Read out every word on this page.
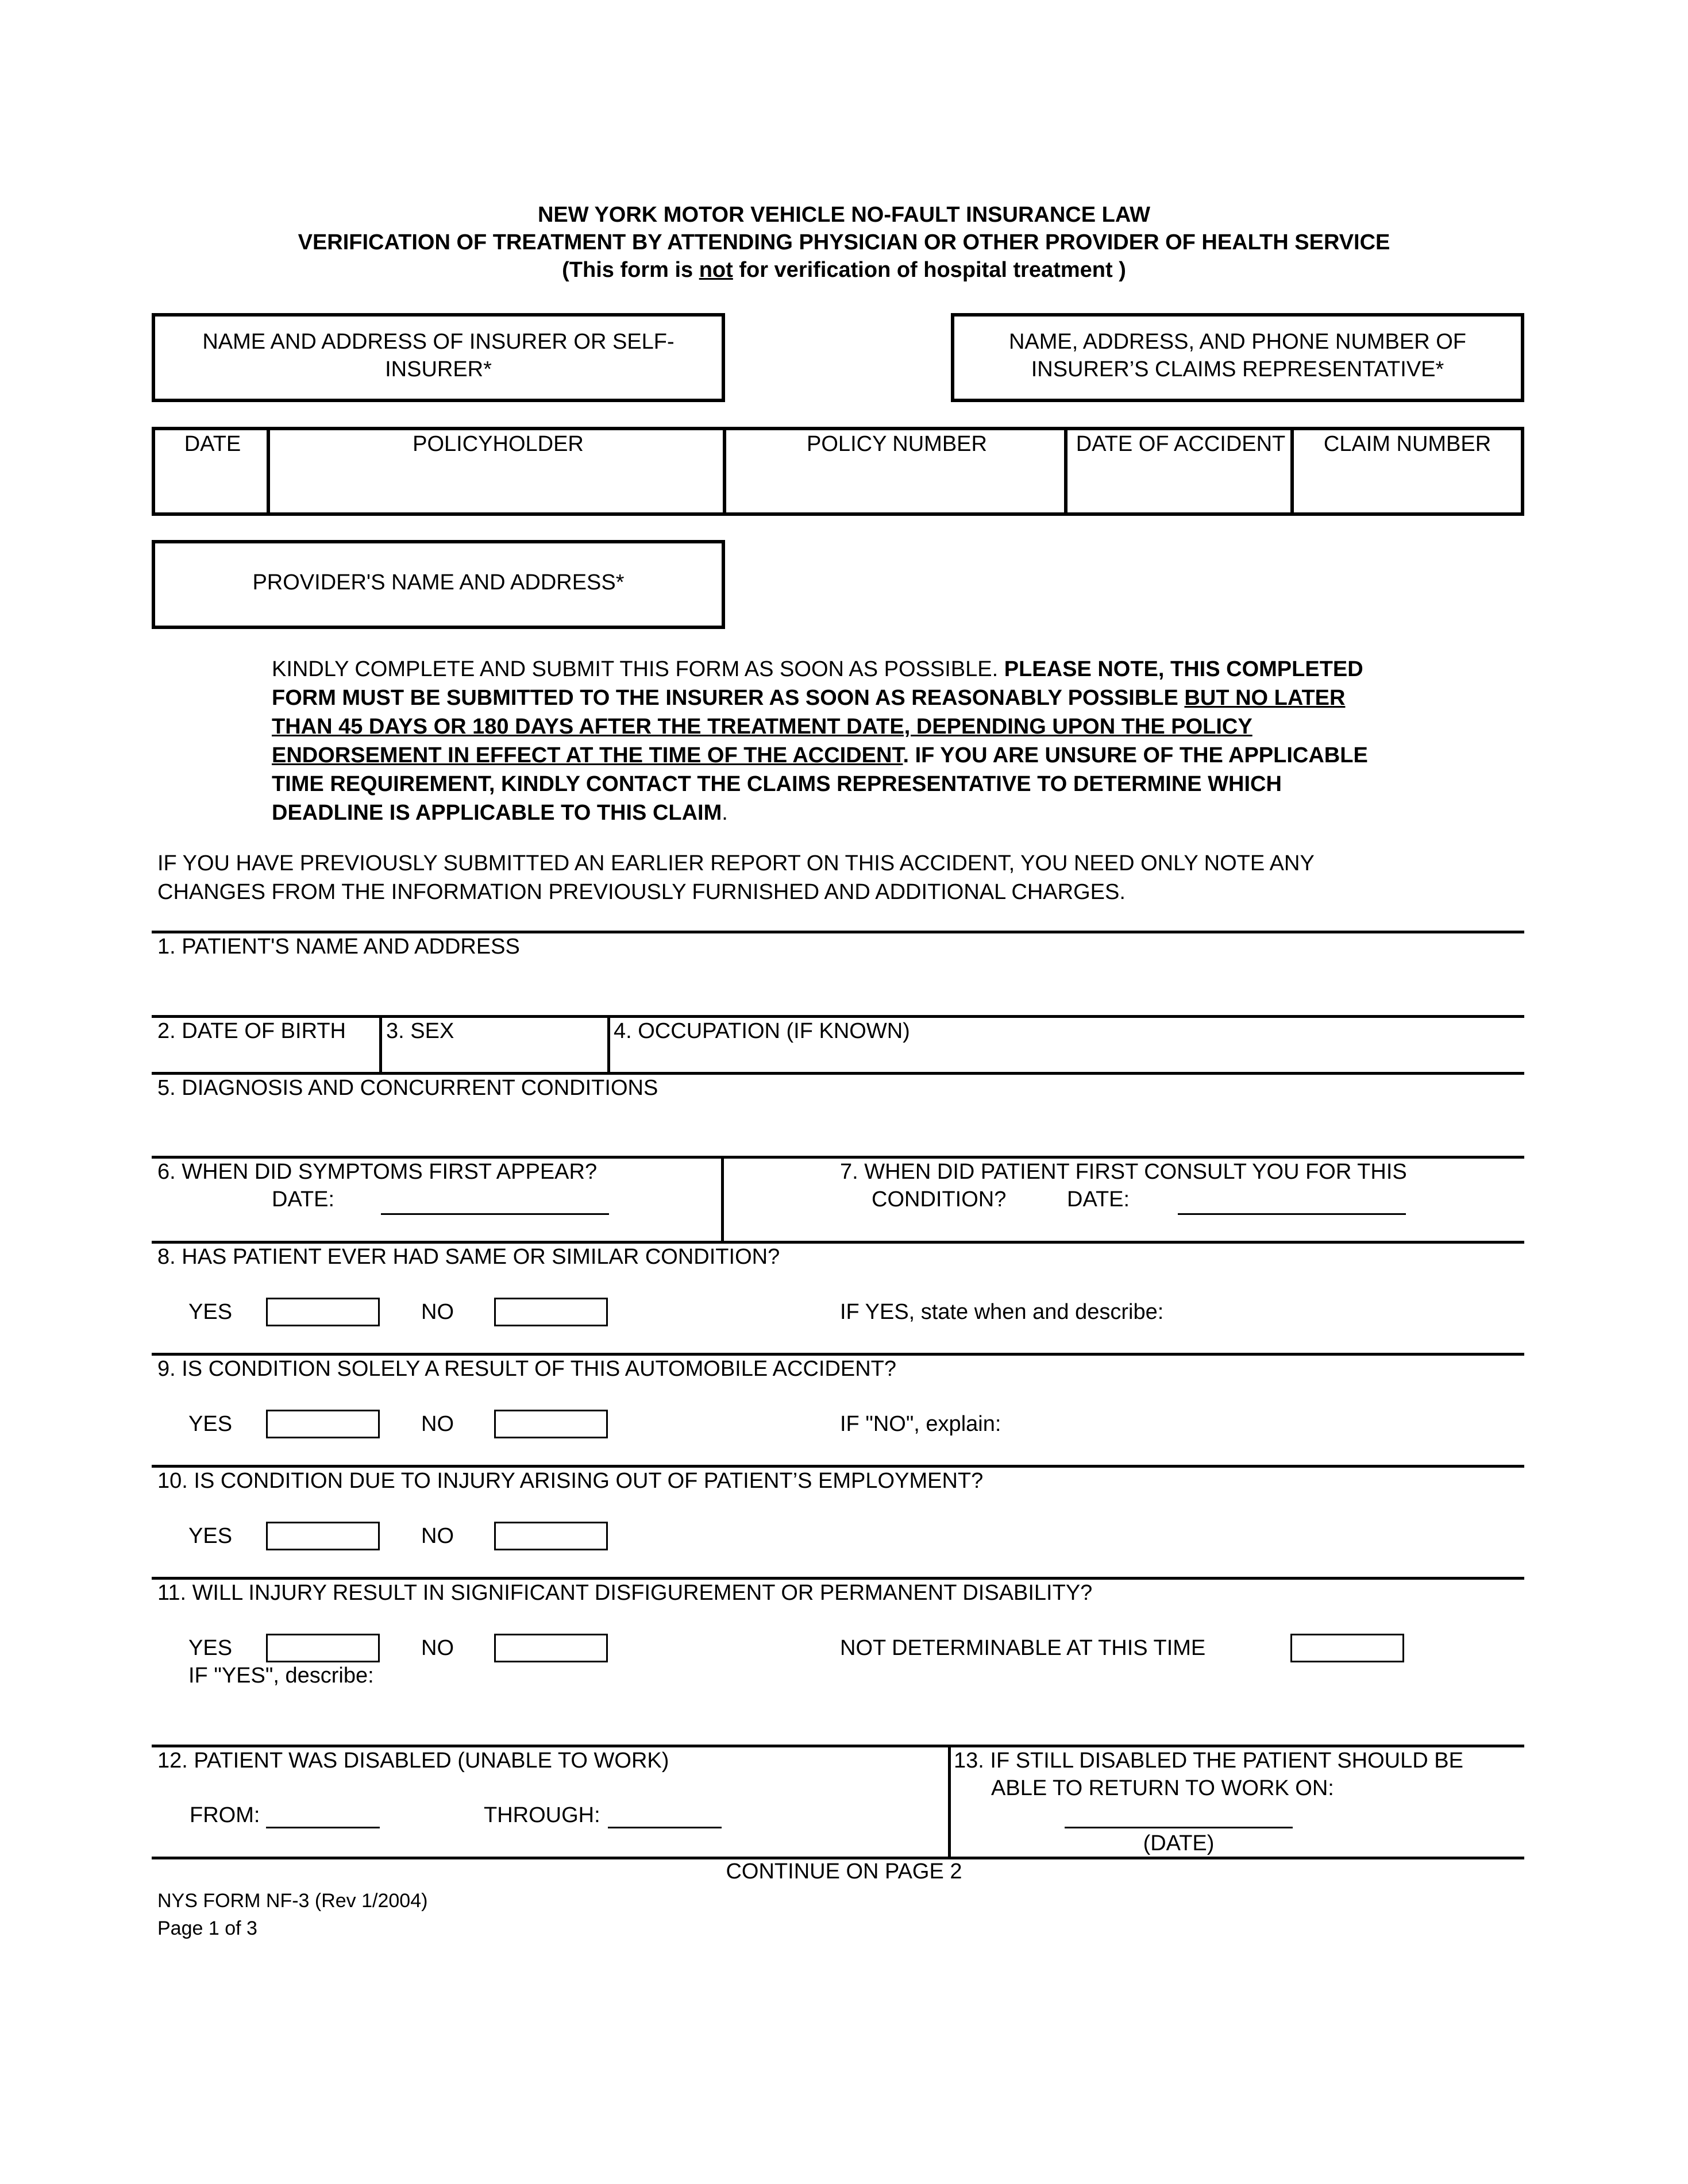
NEW YORK MOTOR VEHICLE NO-FAULT INSURANCE LAW
VERIFICATION OF TREATMENT BY ATTENDING PHYSICIAN OR OTHER PROVIDER OF HEALTH SERVICE
(This form is not for verification of hospital treatment )
NAME AND ADDRESS OF INSURER OR SELF-
INSURER*
NAME, ADDRESS, AND PHONE NUMBER OF
INSURER’S CLAIMS REPRESENTATIVE*
DATE	POLICYHOLDER	POLICY NUMBER	DATE OF ACCIDENT	CLAIM NUMBER
PROVIDER'S NAME AND ADDRESS*
KINDLY COMPLETE AND SUBMIT THIS FORM AS SOON AS POSSIBLE. PLEASE NOTE, THIS COMPLETED
FORM MUST BE SUBMITTED TO THE INSURER AS SOON AS REASONABLY POSSIBLE BUT NO LATER
THAN 45 DAYS OR 180 DAYS AFTER THE TREATMENT DATE, DEPENDING UPON THE POLICY
ENDORSEMENT IN EFFECT AT THE TIME OF THE ACCIDENT. IF YOU ARE UNSURE OF THE APPLICABLE
TIME REQUIREMENT, KINDLY CONTACT THE CLAIMS REPRESENTATIVE TO DETERMINE WHICH
DEADLINE IS APPLICABLE TO THIS CLAIM.
IF YOU HAVE PREVIOUSLY SUBMITTED AN EARLIER REPORT ON THIS ACCIDENT, YOU NEED ONLY NOTE ANY
CHANGES FROM THE INFORMATION PREVIOUSLY FURNISHED AND ADDITIONAL CHARGES.
1. PATIENT'S NAME AND ADDRESS
2. DATE OF BIRTH 3. SEX	4. OCCUPATION (IF KNOWN)
5. DIAGNOSIS AND CONCURRENT CONDITIONS
6. WHEN DID SYMPTOMS FIRST APPEAR?
DATE:
7. WHEN DID PATIENT FIRST CONSULT YOU FOR THIS
CONDITION?	DATE:
8. HAS PATIENT EVER HAD SAME OR SIMILAR CONDITION?
YES	NO	IF YES, state when and describe:
9. IS CONDITION SOLELY A RESULT OF THIS AUTOMOBILE ACCIDENT?
YES	NO	IF "NO", explain:
10. IS CONDITION DUE TO INJURY ARISING OUT OF PATIENT’S EMPLOYMENT?
YES	NO
11. WILL INJURY RESULT IN SIGNIFICANT DISFIGUREMENT OR PERMANENT DISABILITY?
YES	NO	NOT DETERMINABLE AT THIS TIME
IF "YES", describe:
12. PATIENT WAS DISABLED (UNABLE TO WORK)
FROM:	THROUGH:
13. IF STILL DISABLED THE PATIENT SHOULD BE
ABLE TO RETURN TO WORK ON:
(DATE)
CONTINUE ON PAGE 2
NYS FORM NF-3 (Rev 1/2004)
Page 1 of 3
